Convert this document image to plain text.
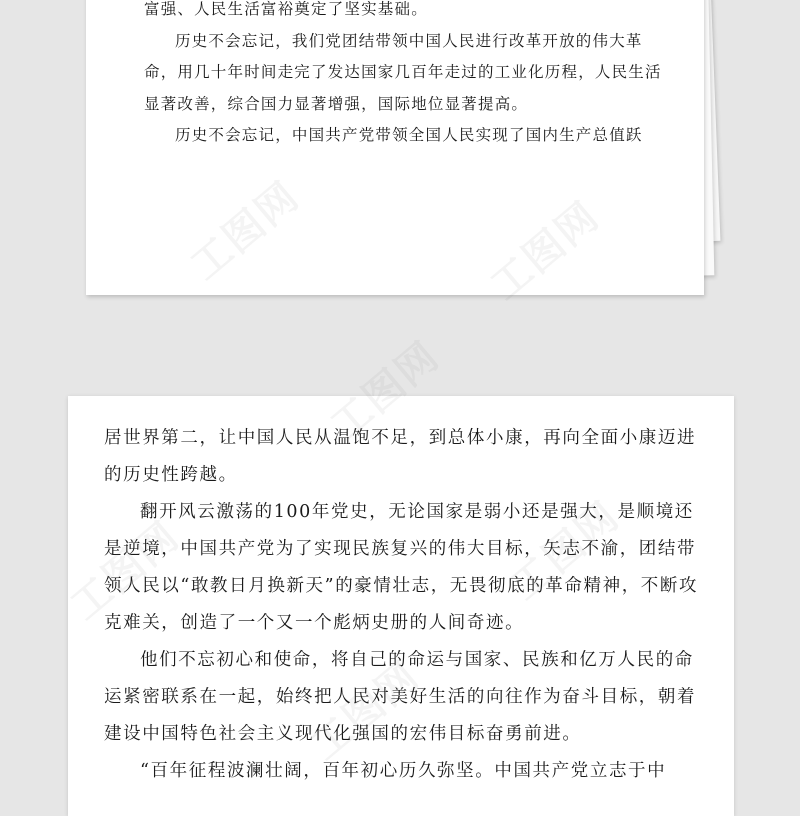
富强、人民生活富裕奠定了坚实基础。

历史不会忘记，我们党团结带领中国人民进行改革开放的伟大革命，用几十年时间走完了发达国家几百年走过的工业化历程，人民生活显著改善，综合国力显著增强，国际地位显著提高。

历史不会忘记，中国共产党带领全国人民实现了国内生产总值跃

居世界第二，让中国人民从温饱不足，到总体小康，再向全面小康迈进的历史性跨越。

翻开风云激荡的100年党史，无论国家是弱小还是强大，是顺境还是逆境，中国共产党为了实现民族复兴的伟大目标，矢志不渝，团结带领人民以“敢教日月换新天”的豪情壮志，无畏彻底的革命精神，不断攻克难关，创造了一个又一个彪炳史册的人间奇迹。

他们不忘初心和使命，将自己的命运与国家、民族和亿万人民的命运紧密联系在一起，始终把人民对美好生活的向往作为奋斗目标，朝着建设中国特色社会主义现代化强国的宏伟目标奋勇前进。

“百年征程波澜壮阔，百年初心历久弥坚。中国共产党立志于中

工图网
